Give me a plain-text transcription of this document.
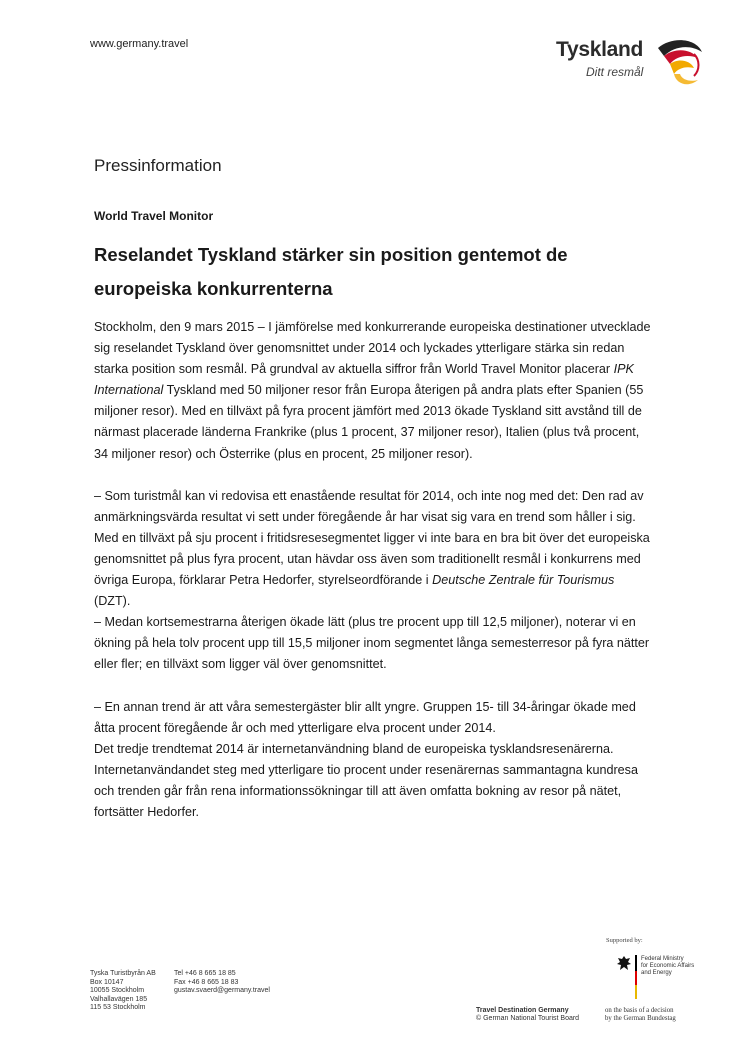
www.germany.travel	Tyskland
Ditt resmål
Pressinformation
World Travel Monitor
Reselandet Tyskland stärker sin position gentemot de
europeiska konkurrenterna

Stockholm, den 9 mars 2015 – I jämförelse med konkurrerande europeiska destinationer utvecklade sig reselandet Tyskland över genomsnittet under 2014 och lyckades ytterligare stärka sin redan starka position som resmål. På grundval av aktuella siffror från World Travel Monitor placerar IPK International Tyskland med 50 miljoner resor från Europa återigen på andra plats efter Spanien (55 miljoner resor). Med en tillväxt på fyra procent jämfört med 2013 ökade Tyskland sitt avstånd till de närmast placerade länderna Frankrike (plus 1 procent, 37 miljoner resor), Italien (plus två procent, 34 miljoner resor) och Österrike (plus en procent, 25 miljoner resor).

– Som turistmål kan vi redovisa ett enastående resultat för 2014, och inte nog med det: Den rad av anmärkningsvärda resultat vi sett under föregående år har visat sig vara en trend som håller i sig. Med en tillväxt på sju procent i fritidsresesegmentet ligger vi inte bara en bra bit över det europeiska genomsnittet på plus fyra procent, utan hävdar oss även som traditionellt resmål i konkurrens med övriga Europa, förklarar Petra Hedorfer, styrelseordförande i Deutsche Zentrale für Tourismus (DZT).

– Medan kortsemestrarna återigen ökade lätt (plus tre procent upp till 12,5 miljoner), noterar vi en ökning på hela tolv procent upp till 15,5 miljoner inom segmentet långa semesterresor på fyra nätter eller fler; en tillväxt som ligger väl över genomsnittet.

– En annan trend är att våra semestergäster blir allt yngre. Gruppen 15- till 34-åringar ökade med åtta procent föregående år och med ytterligare elva procent under 2014.

Det tredje trendtemat 2014 är internetanvändning bland de europeiska tysklandsresenärerna. Internetanvändandet steg med ytterligare tio procent under resenärernas sammantagna kundresa och trenden går från rena informationssökningar till att även omfatta bokning av resor på nätet, fortsätter Hedorfer.

Tyska Turistbyrån AB
Box 10147
10055 Stockholm
Valhallavägen 185
115 53 Stockholm
Tel +46 8 665 18 85
Fax +46 8 665 18 83
gustav.svaerd@germany.travel
Supported by:
Federal Ministry
for Economic Affairs
and Energy
Travel Destination Germany
© German National Tourist Board
on the basis of a decision
by the German Bundestag
